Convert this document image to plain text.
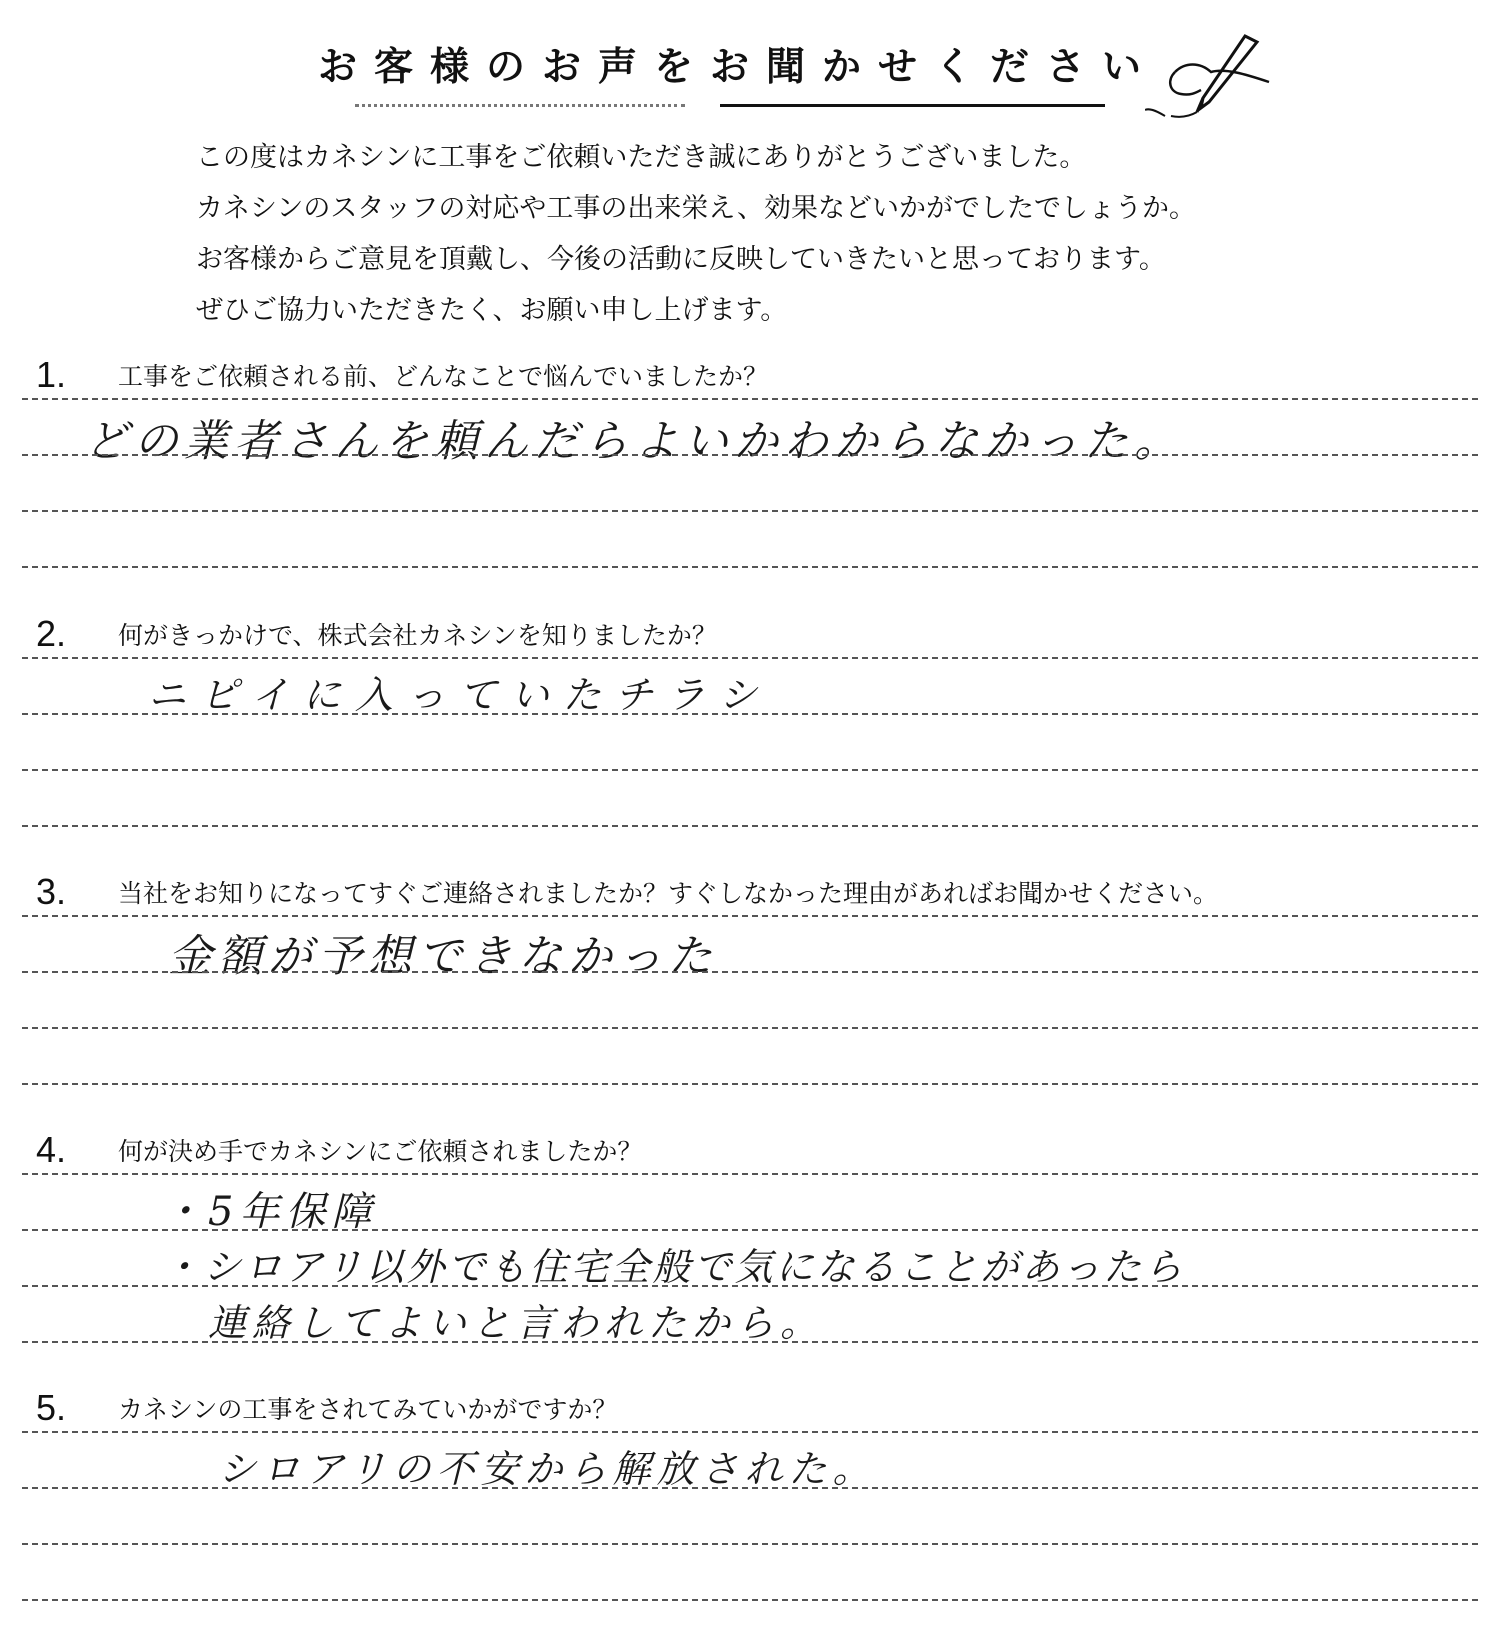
お客様のお声をお聞かせください
この度はカネシンに工事をご依頼いただき誠にありがとうございました。
カネシンのスタッフの対応や工事の出来栄え、効果などいかがでしたでしょうか。
お客様からご意見を頂戴し、今後の活動に反映していきたいと思っております。
ぜひご協力いただきたく、お願い申し上げます。
1. 工事をご依頼される前、どんなことで悩んでいましたか？
どの業者さんを頼んだらよいかわからなかった。
2. 何がきっかけで、株式会社カネシンを知りましたか？
ニピイに入っていたチラシ
3. 当社をお知りになってすぐご連絡されましたか？すぐしなかった理由があればお聞かせください。
金額が予想できなかった
4. 何が決め手でカネシンにご依頼されましたか？
・5年保障
・シロアリ以外でも住宅全般で気になることがあったら
連絡してよいと言われたから。
5. カネシンの工事をされてみていかがですか？
シロアリの不安から解放された。
